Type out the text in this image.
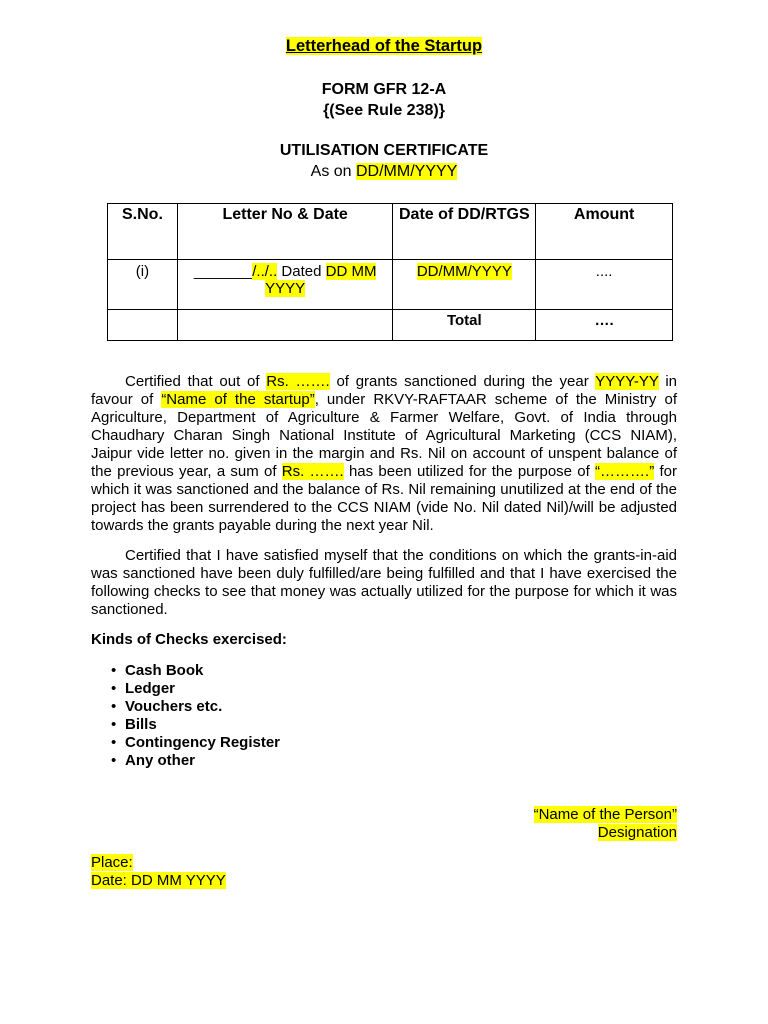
Letterhead of the Startup
FORM GFR 12-A
{(See Rule 238)}
UTILISATION CERTIFICATE
As on DD/MM/YYYY
S.No.	Letter No & Date	Date of DD/RTGS	Amount
(i)	_______/../.. Dated DD MM YYYY	DD/MM/YYYY	....
		Total	….
Certified that out of Rs. ……. of grants sanctioned during the year YYYY-YY in favour of “Name of the startup”, under RKVY-RAFTAAR scheme of the Ministry of Agriculture, Department of Agriculture & Farmer Welfare, Govt. of India through Chaudhary Charan Singh National Institute of Agricultural Marketing (CCS NIAM), Jaipur vide letter no. given in the margin and Rs. Nil on account of unspent balance of the previous year, a sum of Rs. ……. has been utilized for the purpose of “……….” for which it was sanctioned and the balance of Rs. Nil remaining unutilized at the end of the project has been surrendered to the CCS NIAM (vide No. Nil dated Nil)/will be adjusted towards the grants payable during the next year Nil.
Certified that I have satisfied myself that the conditions on which the grants-in-aid was sanctioned have been duly fulfilled/are being fulfilled and that I have exercised the following checks to see that money was actually utilized for the purpose for which it was sanctioned.
Kinds of Checks exercised:
• Cash Book
• Ledger
• Vouchers etc.
• Bills
• Contingency Register
• Any other
“Name of the Person”
Designation
Place:
Date: DD MM YYYY
